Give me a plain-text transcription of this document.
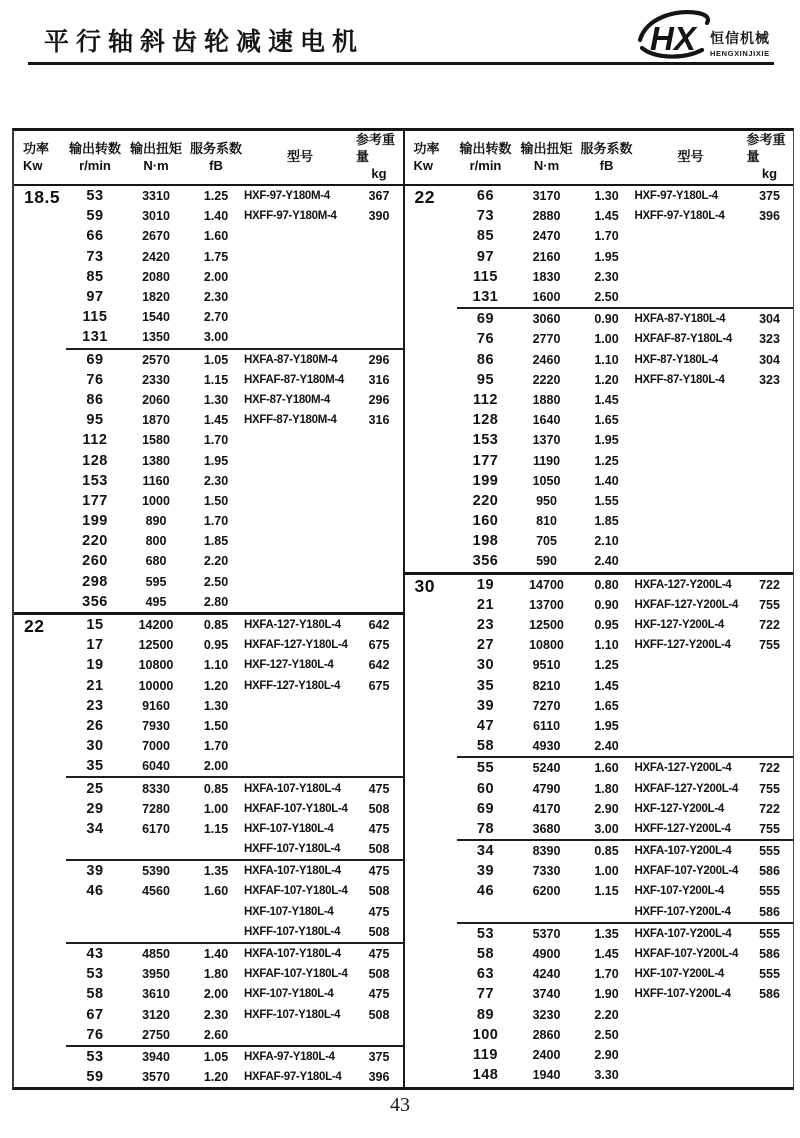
平行轴斜齿轮减速电机	HX 恒信机械
HENGXINJIXIE
功率
Kw
输出转数
r/min
输出扭矩
N·m
服务系数
fB
型号
参考重量
kg
18.5	53	3310	1.25	HXF-97-Y180M-4	367
59	3010	1.40	HXFF-97-Y180M-4	390
66	2670	1.60
73	2420	1.75
85	2080	2.00
97	1820	2.30
115	1540	2.70
131	1350	3.00
69	2570	1.05	HXFA-87-Y180M-4	296
76	2330	1.15	HXFAF-87-Y180M-4	316
86	2060	1.30	HXF-87-Y180M-4	296
95	1870	1.45	HXFF-87-Y180M-4	316
112	1580	1.70
128	1380	1.95
153	1160	2.30
177	1000	1.50
199	890	1.70
220	800	1.85
260	680	2.20
298	595	2.50
356	495	2.80
22	15	14200	0.85	HXFA-127-Y180L-4	642
17	12500	0.95	HXFAF-127-Y180L-4	675
19	10800	1.10	HXF-127-Y180L-4	642
21	10000	1.20	HXFF-127-Y180L-4	675
23	9160	1.30
26	7930	1.50
30	7000	1.70
35	6040	2.00
25	8330	0.85	HXFA-107-Y180L-4	475
29	7280	1.00	HXFAF-107-Y180L-4	508
34	6170	1.15	HXF-107-Y180L-4	475
HXFF-107-Y180L-4	508
39	5390	1.35	HXFA-107-Y180L-4	475
46	4560	1.60	HXFAF-107-Y180L-4	508
HXF-107-Y180L-4	475
HXFF-107-Y180L-4	508
43	4850	1.40	HXFA-107-Y180L-4	475
53	3950	1.80	HXFAF-107-Y180L-4	508
58	3610	2.00	HXF-107-Y180L-4	475
67	3120	2.30	HXFF-107-Y180L-4	508
76	2750	2.60
53	3940	1.05	HXFA-97-Y180L-4	375
59	3570	1.20	HXFAF-97-Y180L-4	396
功率
Kw
输出转数
r/min
输出扭矩
N·m
服务系数
fB
型号
参考重量
kg
22	66	3170	1.30	HXF-97-Y180L-4	375
73	2880	1.45	HXFF-97-Y180L-4	396
85	2470	1.70
97	2160	1.95
115	1830	2.30
131	1600	2.50
69	3060	0.90	HXFA-87-Y180L-4	304
76	2770	1.00	HXFAF-87-Y180L-4	323
86	2460	1.10	HXF-87-Y180L-4	304
95	2220	1.20	HXFF-87-Y180L-4	323
112	1880	1.45
128	1640	1.65
153	1370	1.95
177	1190	1.25
199	1050	1.40
220	950	1.55
160	810	1.85
198	705	2.10
356	590	2.40
30	19	14700	0.80	HXFA-127-Y200L-4	722
21	13700	0.90	HXFAF-127-Y200L-4	755
23	12500	0.95	HXF-127-Y200L-4	722
27	10800	1.10	HXFF-127-Y200L-4	755
30	9510	1.25
35	8210	1.45
39	7270	1.65
47	6110	1.95
58	4930	2.40
55	5240	1.60	HXFA-127-Y200L-4	722
60	4790	1.80	HXFAF-127-Y200L-4	755
69	4170	2.90	HXF-127-Y200L-4	722
78	3680	3.00	HXFF-127-Y200L-4	755
34	8390	0.85	HXFA-107-Y200L-4	555
39	7330	1.00	HXFAF-107-Y200L-4	586
46	6200	1.15	HXF-107-Y200L-4	555
HXFF-107-Y200L-4	586
53	5370	1.35	HXFA-107-Y200L-4	555
58	4900	1.45	HXFAF-107-Y200L-4	586
63	4240	1.70	HXF-107-Y200L-4	555
77	3740	1.90	HXFF-107-Y200L-4	586
89	3230	2.20
100	2860	2.50
119	2400	2.90
148	1940	3.30
43
